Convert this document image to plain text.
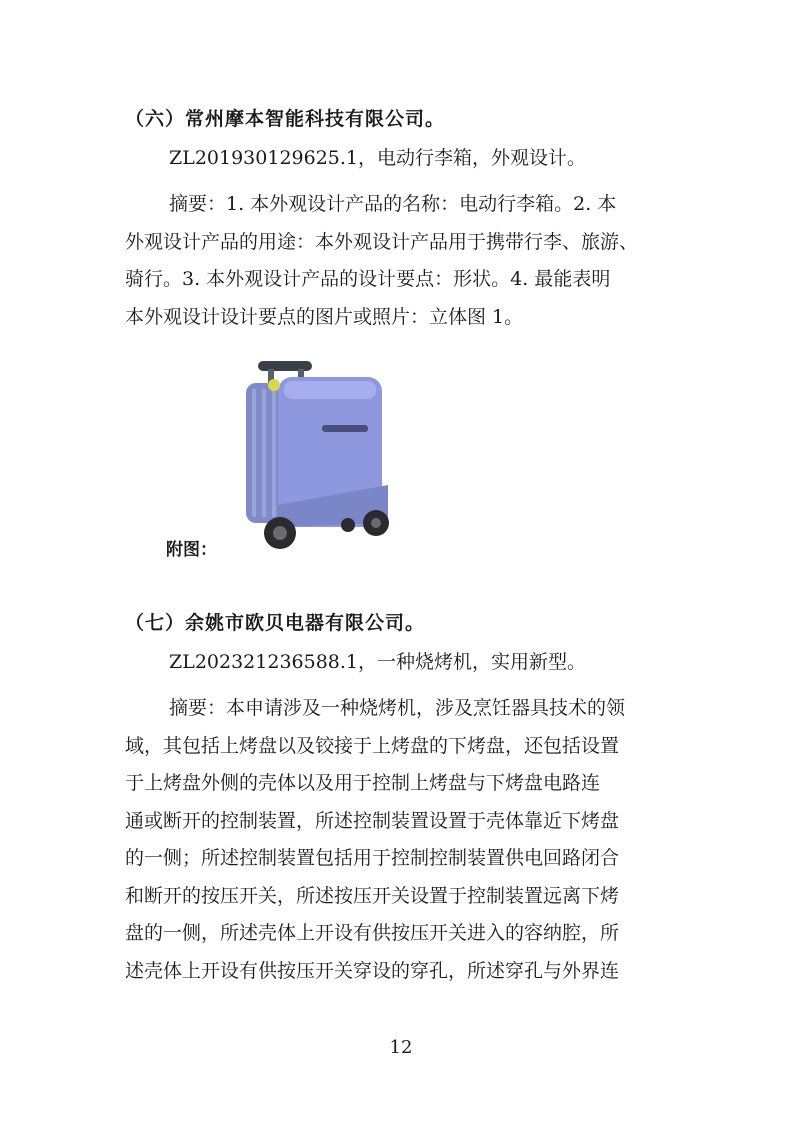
（六）常州摩本智能科技有限公司。
ZL201930129625.1，电动行李箱，外观设计。
摘要：1. 本外观设计产品的名称：电动行李箱。2. 本
外观设计产品的用途：本外观设计产品用于携带行李、旅游、
骑行。3. 本外观设计产品的设计要点：形状。4. 最能表明
本外观设计设计要点的图片或照片：立体图 1。
附图：
（七）余姚市欧贝电器有限公司。
ZL202321236588.1，一种烧烤机，实用新型。
摘要：本申请涉及一种烧烤机，涉及烹饪器具技术的领
域，其包括上烤盘以及铰接于上烤盘的下烤盘，还包括设置
于上烤盘外侧的壳体以及用于控制上烤盘与下烤盘电路连
通或断开的控制装置，所述控制装置设置于壳体靠近下烤盘
的一侧；所述控制装置包括用于控制控制装置供电回路闭合
和断开的按压开关，所述按压开关设置于控制装置远离下烤
盘的一侧，所述壳体上开设有供按压开关进入的容纳腔，所
述壳体上开设有供按压开关穿设的穿孔，所述穿孔与外界连
12
